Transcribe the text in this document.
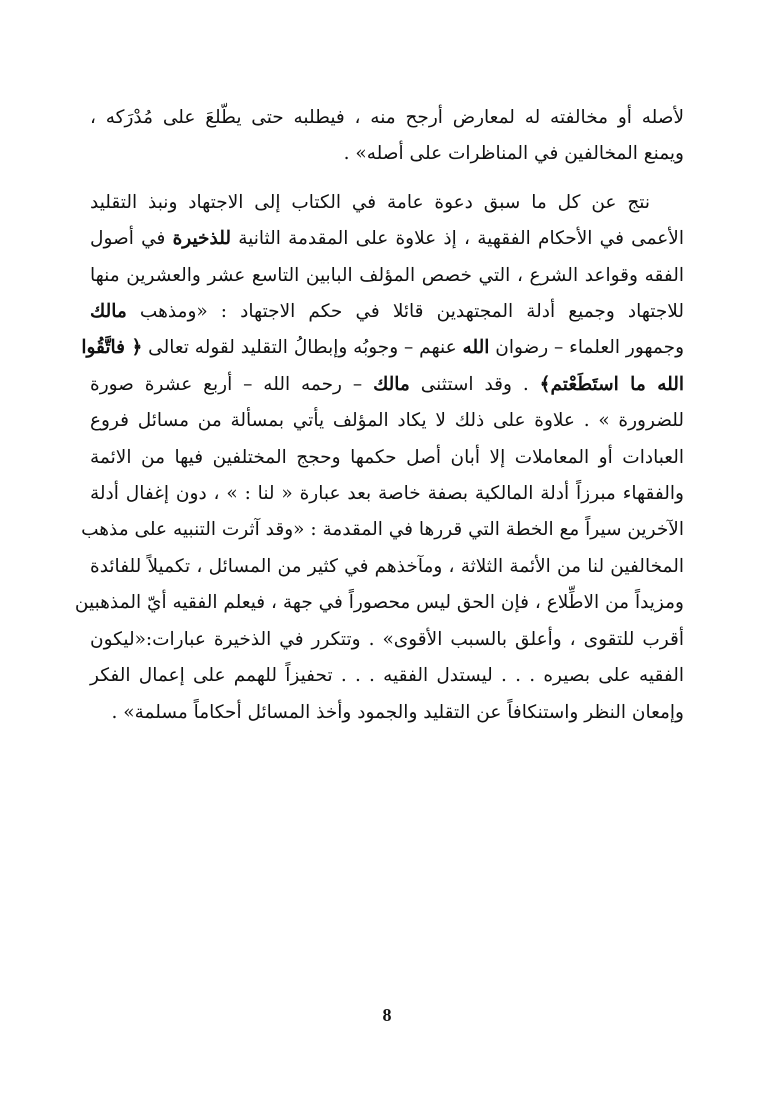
لأصله أو مخالفته له لمعارض أرجح منه ، فيطلبه حتى يطّلعَ على مُدْرَكه ،
ويمنع المخالفين في المناظرات على أصله» .
نتج عن كل ما سبق دعوة عامة في الكتاب إلى الاجتهاد ونبذ التقليد
الأعمى في الأحكام الفقهية ، إذ علاوة على المقدمة الثانية للذخيرة في أصول
الفقه وقواعد الشرع ، التي خصص المؤلف البابين التاسع عشر والعشرين منها
للاجتهاد وجميع أدلة المجتهدين قائلا في حكم الاجتهاد : «ومذهب مالك
وجمهور العلماء – رضوان الله عنهم – وجوبُه وإبطالُ التقليد لقوله تعالى ﴿ فاتَّقُوا
الله ما استَطَعْتم﴾ . وقد استثنى مالك – رحمه الله – أربع عشرة صورة
للضرورة » . علاوة على ذلك لا يكاد المؤلف يأتي بمسألة من مسائل فروع
العبادات أو المعاملات إلا أبان أصل حكمها وحجج المختلفين فيها من الائمة
والفقهاء مبرزاً أدلة المالكية بصفة خاصة بعد عبارة « لنا : » ، دون إغفال أدلة
الآخرين سيراً مع الخطة التي قررها في المقدمة : «وقد آثرت التنبيه على مذهب
المخالفين لنا من الأئمة الثلاثة ، ومآخذهم في كثير من المسائل ، تكميلاً للفائدة
ومزيداً من الاطِّلاع ، فإن الحق ليس محصوراً في جهة ، فيعلم الفقيه أيّ المذهبين
أقرب للتقوى ، وأعلق بالسبب الأقوى» . وتتكرر في الذخيرة عبارات:«ليكون
الفقيه على بصيره . . . ليستدل الفقيه . . . تحفيزاً للهمم على إعمال الفكر
وإمعان النظر واستنكافاً عن التقليد والجمود وأخذ المسائل أحكاماً مسلمة» .
8
